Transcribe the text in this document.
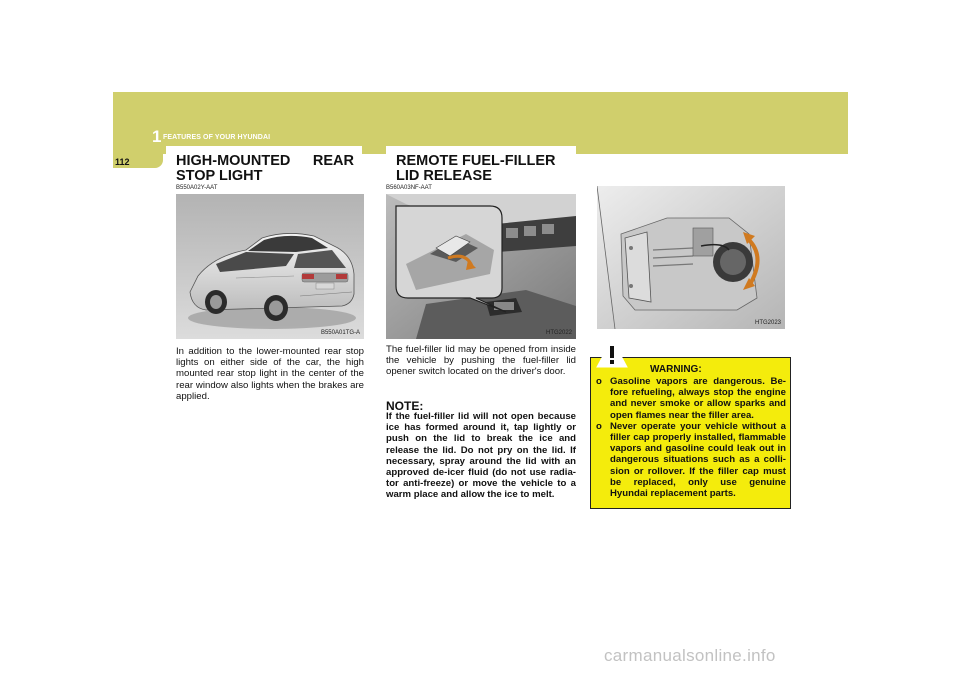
1 FEATURES OF YOUR HYUNDAI
112	HIGH-MOUNTED REAR
STOP LIGHT
B550A02Y-AAT
B550A01TG-A
In addition to the lower-mounted rear stop lights on either side of the car, the high mounted rear stop light in the center of the rear window also lights when the brakes are applied.
REMOTE FUEL-FILLER LID RELEASE
B560A03NF-AAT
HTG2022
The fuel-filler lid may be opened from inside the vehicle by pushing the fuel-filler lid opener switch located on the driver's door.
NOTE:
If the fuel-filler lid will not open because ice has formed around it, tap lightly or push on the lid to break the ice and release the lid. Do not pry on the lid. If necessary, spray around the lid with an approved de-icer fluid (do not use radia-tor anti-freeze) or move the vehicle to a warm place and allow the ice to melt.
HTG2023
WARNING:
o Gasoline vapors are dangerous. Be-fore refueling, always stop the engine and never smoke or allow sparks and open flames near the filler area.
o Never operate your vehicle without a filler cap properly installed, flammable vapors and gasoline could leak out in dangerous situations such as a colli-sion or rollover. If the filler cap must be replaced, only use genuine Hyundai replacement parts.
carmanualsonline.info
